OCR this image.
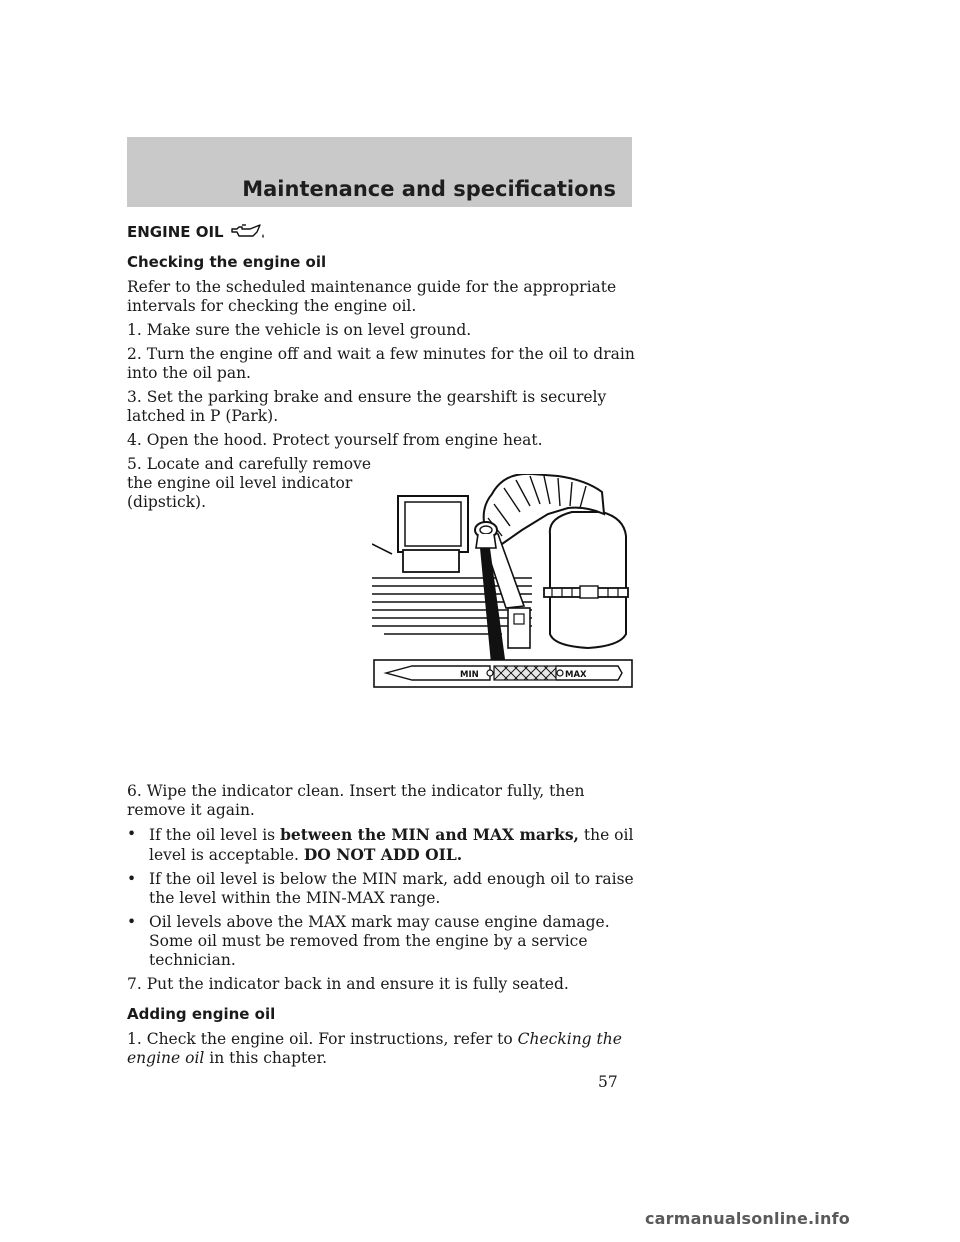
Maintenance and specifications
ENGINE OIL
Checking the engine oil

Refer to the scheduled maintenance guide for the appropriate intervals for checking the engine oil.

1. Make sure the vehicle is on level ground.

2. Turn the engine off and wait a few minutes for the oil to drain into the oil pan.

3. Set the parking brake and ensure the gearshift is securely latched in P (Park).

4. Open the hood. Protect yourself from engine heat.

5. Locate and carefully remove the engine oil level indicator (dipstick).

MIN	MAX

6. Wipe the indicator clean. Insert the indicator fully, then remove it again.

• If the oil level is between the MIN and MAX marks, the oil level is acceptable. DO NOT ADD OIL.
• If the oil level is below the MIN mark, add enough oil to raise the level within the MIN-MAX range.
• Oil levels above the MAX mark may cause engine damage. Some oil must be removed from the engine by a service technician.

7. Put the indicator back in and ensure it is fully seated.

Adding engine oil

1. Check the engine oil. For instructions, refer to Checking the engine oil in this chapter.

57
carmanualsonline.info
